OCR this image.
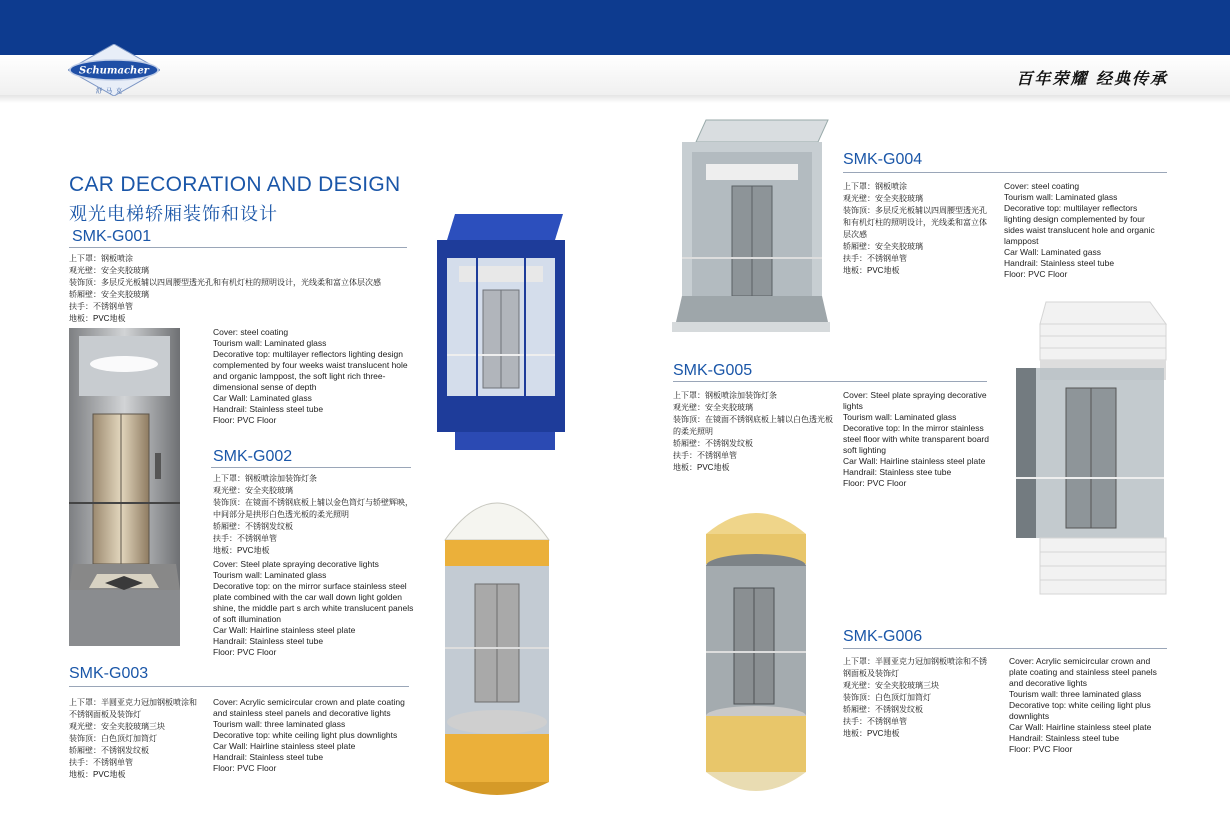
Schumacher
舒马克
百年荣耀 经典传承
CAR DECORATION AND DESIGN
观光电梯轿厢装饰和设计
SMK-G001
上下罩：钢板喷涂
观光壁：安全夹胶玻璃
装饰顶：多层反光板辅以四周腰型透光孔和有机灯柱的照明设计，光线柔和富立体层次感
轿厢壁：安全夹胶玻璃
扶手：不锈钢单管
地板：PVC地板
Cover: steel coating
Tourism wall: Laminated glass
Decorative top: multilayer reflectors lighting design complemented by four weeks waist translucent hole and organic lamppost, the soft light rich three-dimensional sense of depth
Car Wall: Laminated glass
Handrail: Stainless steel tube
Floor: PVC Floor
SMK-G002
上下罩：钢板喷涂加装饰灯条
观光壁：安全夹胶玻璃
装饰顶：在镜面不锈钢底板上辅以金色筒灯与轿壁辉映，中间部分是拱形白色透光板的柔光照明
轿厢壁：不锈钢发纹板
扶手：不锈钢单管
地板：PVC地板
Cover: Steel plate spraying decorative lights
Tourism wall: Laminated glass
Decorative top: on the mirror surface stainless steel plate combined with the car wall down light golden shine, the middle part s arch white translucent panels of soft illumination
Car Wall: Hairline stainless steel plate
Handrail: Stainless steel tube
Floor: PVC Floor
SMK-G003
上下罩：半圆亚克力冠加钢板喷涂和不锈钢面板及装饰灯
观光壁：安全夹胶玻璃三块
装饰顶：白色顶灯加筒灯
轿厢壁：不锈钢发纹板
扶手：不锈钢单管
地板：PVC地板
Cover: Acrylic semicircular crown and plate coating and stainless steel panels and decorative lights
Tourism wall: three laminated glass
Decorative top: white ceiling light plus downlights
Car Wall: Hairline stainless steel plate
Handrail: Stainless steel tube
Floor: PVC Floor
SMK-G004
上下罩：钢板喷涂
观光壁：安全夹胶玻璃
装饰顶：多层反光板辅以四周腰型透光孔和有机灯柱的照明设计，光线柔和富立体层次感
轿厢壁：安全夹胶玻璃
扶手：不锈钢单管
地板：PVC地板
Cover: steel coating
Tourism wall: Laminated glass
Decorative top: multilayer reflectors lighting design complemented by four sides waist translucent hole and organic lamppost
Car Wall: Laminated gass
Handrail: Stainless steel tube
Floor: PVC Floor
SMK-G005
上下罩：钢板喷涂加装饰灯条
观光壁：安全夹胶玻璃
装饰顶：在镜面不锈钢底板上辅以白色透光板的柔光照明
轿厢壁：不锈钢发纹板
扶手：不锈钢单管
地板：PVC地板
Cover: Steel plate spraying decorative lights
Tourism wall: Laminated glass
Decorative top: In the mirror stainless steel floor with white transparent board soft lighting
Car Wall: Hairline stainless steel plate
Handrail: Stainless stee tube
Floor: PVC Floor
SMK-G006
上下罩：半圆亚克力冠加钢板喷涂和不锈钢面板及装饰灯
观光壁：安全夹胶玻璃三块
装饰顶：白色顶灯加筒灯
轿厢壁：不锈钢发纹板
扶手：不锈钢单管
地板：PVC地板
Cover: Acrylic semicircular crown and plate coating and stainless steel panels and decorative lights
Tourism wall: three laminated glass
Decorative top: white ceiling light plus downlights
Car Wall: Hairline stainless steel plate
Handrail: Stainless steel tube
Floor: PVC Floor
